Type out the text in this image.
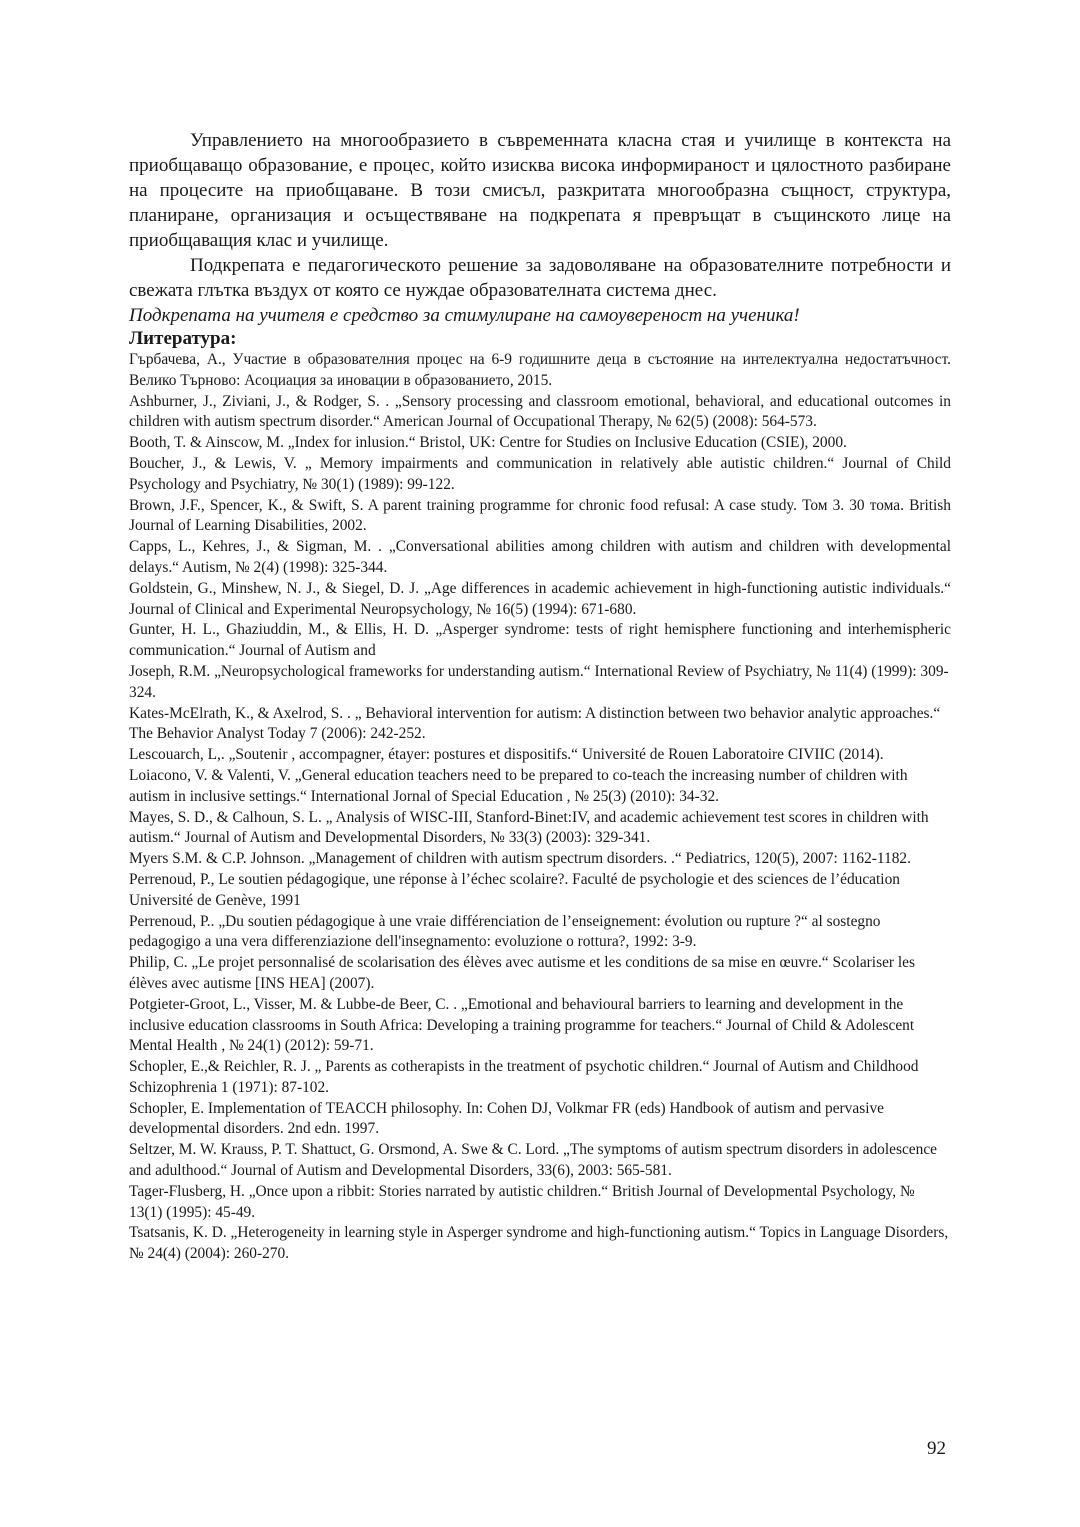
Управлението на многообразието в съвременната класна стая и училище в контекста на приобщаващо образование, е процес, който изисква висока информираност и цялостното разбиране на процесите на приобщаване. В този смисъл, разкритата многообразна същност, структура, планиране, организация и осъществяване на подкрепата я превръщат в същинското лице на приобщаващия клас и училище.

Подкрепата е педагогическото решение за задоволяване на образователните потребности и свежата глътка въздух от която се нуждае образователната система днес.

Подкрепата на учителя е средство за стимулиране на самоувереност на ученика!

Литература:

Гърбачева, А., Участие в образователния процес на 6-9 годишните деца в състояние на интелектуална недостатъчност. Велико Търново: Асоциация за иновации в образованието, 2015.

Ashburner, J., Ziviani, J., & Rodger, S. . „Sensory processing and classroom emotional, behavioral, and educational outcomes in children with autism spectrum disorder.“ American Journal of Occupational Therapy, № 62(5) (2008): 564-573.

Booth, T. & Ainscow, M. „Index for inlusion.“ Bristol, UK: Centre for Studies on Inclusive Education (CSIE), 2000.

Boucher, J., & Lewis, V. „ Memory impairments and communication in relatively able autistic children.“ Journal of Child Psychology and Psychiatry, № 30(1) (1989): 99-122.

Brown, J.F., Spencer, K., & Swift, S. A parent training programme for chronic food refusal: A case study. Том 3. 30 тома. British Journal of Learning Disabilities, 2002.

Capps, L., Kehres, J., & Sigman, M. . „Conversational abilities among children with autism and children with developmental delays.“ Autism, № 2(4) (1998): 325-344.

Goldstein, G., Minshew, N. J., & Siegel, D. J. „Age differences in academic achievement in high-functioning autistic individuals.“ Journal of Clinical and Experimental Neuropsychology, № 16(5) (1994): 671-680.

Gunter, H. L., Ghaziuddin, M., & Ellis, H. D. „Asperger syndrome: tests of right hemisphere functioning and interhemispheric communication.“ Journal of Autism and

Joseph, R.M. „Neuropsychological frameworks for understanding autism.“ International Review of Psychiatry, № 11(4) (1999): 309-324.

Kates-McElrath, K., & Axelrod, S. . „ Behavioral intervention for autism: A distinction between two behavior analytic approaches.“ The Behavior Analyst Today 7 (2006): 242-252.

Lescouarch, L,. „Soutenir , accompagner, étayer: postures et dispositifs.“ Université de Rouen Laboratoire CIVIIC (2014).

Loiacono, V. & Valenti, V. „General education teachers need to be prepared to co-teach the increasing number of children with autism in inclusive settings.“ International Jornal of Special Education , № 25(3) (2010): 34-32.

Mayes, S. D., & Calhoun, S. L. „ Analysis of WISC-III, Stanford-Binet:IV, and academic achievement test scores in children with autism.“ Journal of Autism and Developmental Disorders, № 33(3) (2003): 329-341.

Myers S.M. & C.P. Johnson. „Management of children with autism spectrum disorders. .“ Pediatrics, 120(5), 2007: 1162-1182.

Perrenoud, P., Le soutien pédagogique, une réponse à l’échec scolaire?. Faculté de psychologie et des sciences de l’éducation Université de Genève, 1991

Perrenoud, P.. „Du soutien pédagogique à une vraie différenciation de l’enseignement: évolution ou rupture ?“ al sostegno pedagogigo a una vera differenziazione dell'insegnamento: evoluzione o rottura?, 1992: 3-9.

Philip, C. „Le projet personnalisé de scolarisation des élèves avec autisme et les conditions de sa mise en œuvre.“ Scolariser les élèves avec autisme [INS HEA] (2007).

Potgieter-Groot, L., Visser, M. & Lubbe-de Beer, C. . „Emotional and behavioural barriers to learning and development in the inclusive education classrooms in South Africa: Developing a training programme for teachers.“ Journal of Child & Adolescent Mental Health , № 24(1) (2012): 59-71.

Schopler, E.,& Reichler, R. J. „ Parents as cotherapists in the treatment of psychotic children.“ Journal of Autism and Childhood Schizophrenia 1 (1971): 87-102.

Schopler, E. Implementation of TEACCH philosophy. In: Cohen DJ, Volkmar FR (eds) Handbook of autism and pervasive developmental disorders. 2nd edn. 1997.

Seltzer, M. W. Krauss, P. T. Shattuct, G. Orsmond, A. Swe & C. Lord. „The symptoms of autism spectrum disorders in adolescence and adulthood.“ Journal of Autism and Developmental Disorders, 33(6), 2003: 565-581.

Tager-Flusberg, H. „Once upon a ribbit: Stories narrated by autistic children.“ British Journal of Developmental Psychology, № 13(1) (1995): 45-49.

Tsatsanis, K. D. „Heterogeneity in learning style in Asperger syndrome and high-functioning autism.“ Topics in Language Disorders, № 24(4) (2004): 260-270.

92
